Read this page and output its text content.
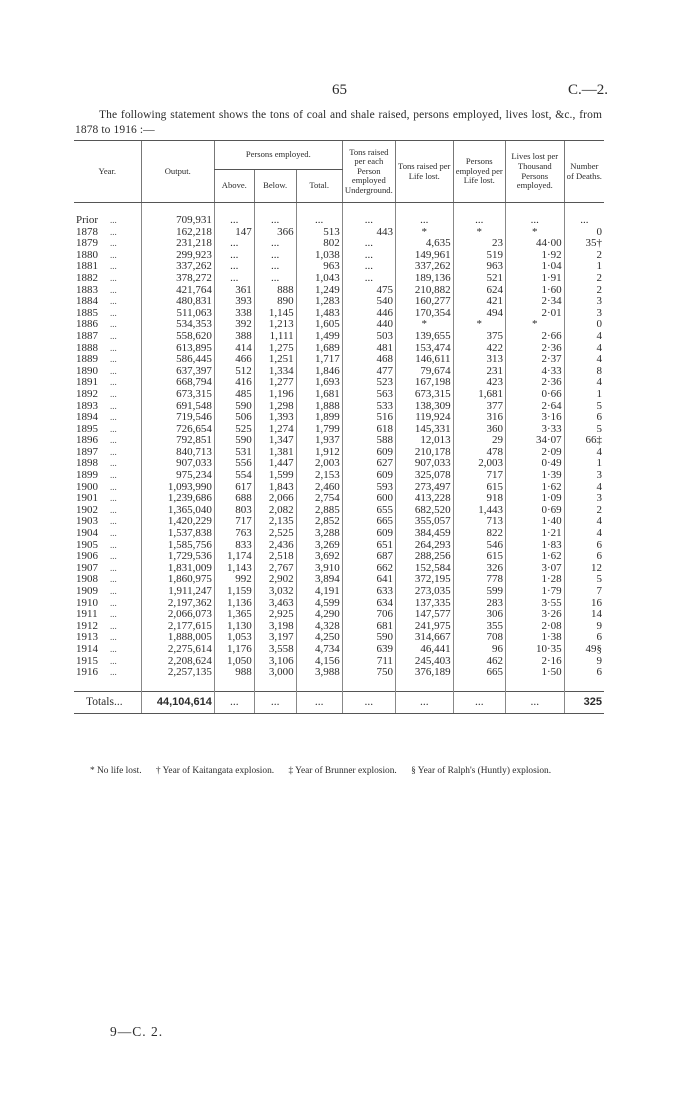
65	C.—2.
The following statement shows the tons of coal and shale raised, persons employed, lives lost, &c., from 1878 to 1916 :—
Year.	Output.	Persons employed.			Tons raised per each Person employed Underground.	Tons raised per Life lost.	Persons employed per Life lost.	Lives lost per Thousand Persons employed.	Number of Deaths.
		Above.	Below.	Total.					

Prior ...	709,931	...	...	...	...	...	...	...	...
1878 ...	162,218	147	366	513	443	*	*	*	0
1879 ...	231,218	...	...	802	...	4,635	23	44·00	35†
1880 ...	299,923	...	...	1,038	...	149,961	519	1·92	2
1881 ...	337,262	...	...	963	...	337,262	963	1·04	1
1882 ...	378,272	...	...	1,043	...	189,136	521	1·91	2
1883 ...	421,764	361	888	1,249	475	210,882	624	1·60	2
1884 ...	480,831	393	890	1,283	540	160,277	421	2·34	3
1885 ...	511,063	338	1,145	1,483	446	170,354	494	2·01	3
1886 ...	534,353	392	1,213	1,605	440	*	*	*	0
1887 ...	558,620	388	1,111	1,499	503	139,655	375	2·66	4
1888 ...	613,895	414	1,275	1,689	481	153,474	422	2·36	4
1889 ...	586,445	466	1,251	1,717	468	146,611	313	2·37	4
1890 ...	637,397	512	1,334	1,846	477	79,674	231	4·33	8
1891 ...	668,794	416	1,277	1,693	523	167,198	423	2·36	4
1892 ...	673,315	485	1,196	1,681	563	673,315	1,681	0·66	1
1893 ...	691,548	590	1,298	1,888	533	138,309	377	2·64	5
1894 ...	719,546	506	1,393	1,899	516	119,924	316	3·16	6
1895 ...	726,654	525	1,274	1,799	618	145,331	360	3·33	5
1896 ...	792,851	590	1,347	1,937	588	12,013	29	34·07	66‡
1897 ...	840,713	531	1,381	1,912	609	210,178	478	2·09	4
1898 ...	907,033	556	1,447	2,003	627	907,033	2,003	0·49	1
1899 ...	975,234	554	1,599	2,153	609	325,078	717	1·39	3
1900 ...	1,093,990	617	1,843	2,460	593	273,497	615	1·62	4
1901 ...	1,239,686	688	2,066	2,754	600	413,228	918	1·09	3
1902 ...	1,365,040	803	2,082	2,885	655	682,520	1,443	0·69	2
1903 ...	1,420,229	717	2,135	2,852	665	355,057	713	1·40	4
1904 ...	1,537,838	763	2,525	3,288	609	384,459	822	1·21	4
1905 ...	1,585,756	833	2,436	3,269	651	264,293	546	1·83	6
1906 ...	1,729,536	1,174	2,518	3,692	687	288,256	615	1·62	6
1907 ...	1,831,009	1,143	2,767	3,910	662	152,584	326	3·07	12
1908 ...	1,860,975	992	2,902	3,894	641	372,195	778	1·28	5
1909 ...	1,911,247	1,159	3,032	4,191	633	273,035	599	1·79	7
1910 ...	2,197,362	1,136	3,463	4,599	634	137,335	283	3·55	16
1911 ...	2,066,073	1,365	2,925	4,290	706	147,577	306	3·26	14
1912 ...	2,177,615	1,130	3,198	4,328	681	241,975	355	2·08	9
1913 ...	1,888,005	1,053	3,197	4,250	590	314,667	708	1·38	6
1914 ...	2,275,614	1,176	3,558	4,734	639	46,441	96	10·35	49§
1915 ...	2,208,624	1,050	3,106	4,156	711	245,403	462	2·16	9
1916 ...	2,257,135	988	3,000	3,988	750	376,189	665	1·50	6

Totals...	44,104,614	...	...	...	...	...	...	...	325
* No life lost. † Year of Kaitangata explosion. ‡ Year of Brunner explosion. § Year of Ralph's (Huntly) explosion.
9—C. 2.
